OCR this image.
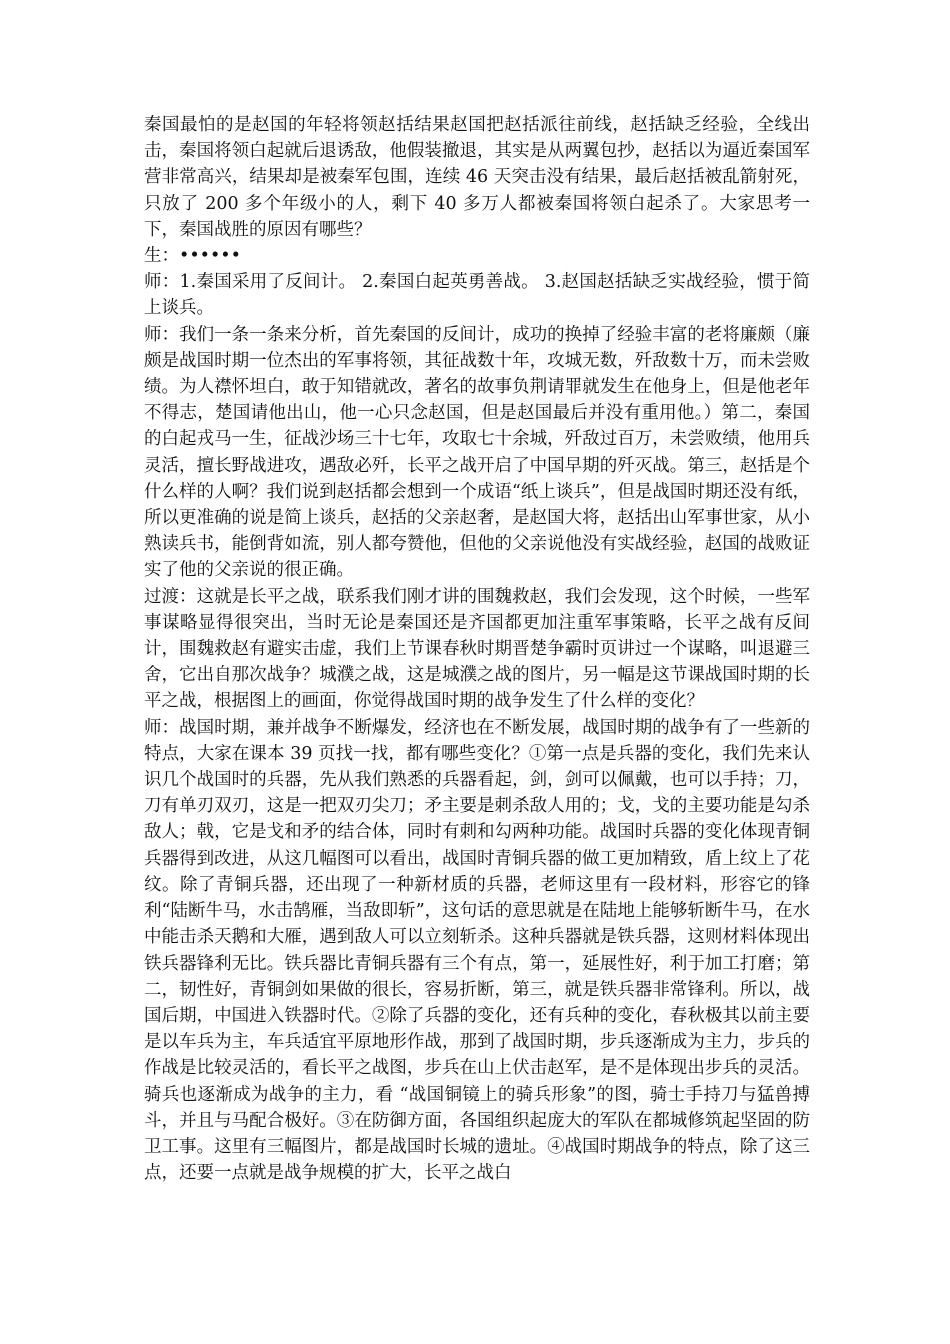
秦国最怕的是赵国的年轻将领赵括结果赵国把赵括派往前线，赵括缺乏经验，全线出击，秦国将领白起就后退诱敌，他假装撤退，其实是从两翼包抄，赵括以为逼近秦国军营非常高兴，结果却是被秦军包围，连续 46 天突击没有结果，最后赵括被乱箭射死，只放了 200 多个年级小的人，剩下 40 多万人都被秦国将领白起杀了。大家思考一下，秦国战胜的原因有哪些？

生：••••••

师：1.秦国采用了反间计。 2.秦国白起英勇善战。 3.赵国赵括缺乏实战经验，惯于简上谈兵。

师：我们一条一条来分析，首先秦国的反间计，成功的换掉了经验丰富的老将廉颇（廉颇是战国时期一位杰出的军事将领，其征战数十年，攻城无数，歼敌数十万，而未尝败绩。为人襟怀坦白，敢于知错就改，著名的故事负荆请罪就发生在他身上，但是他老年不得志，楚国请他出山，他一心只念赵国，但是赵国最后并没有重用他。）第二，秦国的白起戎马一生，征战沙场三十七年，攻取七十余城，歼敌过百万，未尝败绩，他用兵灵活，擅长野战进攻，遇敌必歼，长平之战开启了中国早期的歼灭战。第三，赵括是个什么样的人啊？我们说到赵括都会想到一个成语“纸上谈兵”，但是战国时期还没有纸，所以更准确的说是简上谈兵，赵括的父亲赵奢，是赵国大将，赵括出山军事世家，从小熟读兵书，能倒背如流，别人都夸赞他，但他的父亲说他没有实战经验，赵国的战败证实了他的父亲说的很正确。

过渡：这就是长平之战，联系我们刚才讲的围魏救赵，我们会发现，这个时候，一些军事谋略显得很突出，当时无论是秦国还是齐国都更加注重军事策略，长平之战有反间计，围魏救赵有避实击虚，我们上节课春秋时期晋楚争霸时页讲过一个谋略，叫退避三舍，它出自那次战争？城濮之战，这是城濮之战的图片，另一幅是这节课战国时期的长平之战，根据图上的画面，你觉得战国时期的战争发生了什么样的变化？

师：战国时期，兼并战争不断爆发，经济也在不断发展，战国时期的战争有了一些新的特点，大家在课本 39 页找一找，都有哪些变化？①第一点是兵器的变化，我们先来认识几个战国时的兵器，先从我们熟悉的兵器看起，剑，剑可以佩戴，也可以手持；刀，刀有单刃双刃，这是一把双刃尖刀；矛主要是刺杀敌人用的；戈，戈的主要功能是勾杀敌人；戟，它是戈和矛的结合体，同时有刺和勾两种功能。战国时兵器的变化体现青铜兵器得到改进，从这几幅图可以看出，战国时青铜兵器的做工更加精致，盾上纹上了花纹。除了青铜兵器，还出现了一种新材质的兵器，老师这里有一段材料，形容它的锋利“陆断牛马，水击鹄雁，当敌即斩”，这句话的意思就是在陆地上能够斩断牛马，在水中能击杀天鹅和大雁，遇到敌人可以立刻斩杀。这种兵器就是铁兵器，这则材料体现出铁兵器锋利无比。铁兵器比青铜兵器有三个有点，第一，延展性好，利于加工打磨；第二，韧性好，青铜剑如果做的很长，容易折断，第三，就是铁兵器非常锋利。所以，战国后期，中国进入铁器时代。②除了兵器的变化，还有兵种的变化，春秋极其以前主要是以车兵为主，车兵适宜平原地形作战，那到了战国时期，步兵逐渐成为主力，步兵的作战是比较灵活的，看长平之战图，步兵在山上伏击赵军，是不是体现出步兵的灵活。骑兵也逐渐成为战争的主力，看 “战国铜镜上的骑兵形象”的图，骑士手持刀与猛兽搏斗，并且与马配合极好。③在防御方面，各国组织起庞大的军队在都城修筑起坚固的防卫工事。这里有三幅图片，都是战国时长城的遗址。④战国时期战争的特点，除了这三点，还要一点就是战争规模的扩大，长平之战白
